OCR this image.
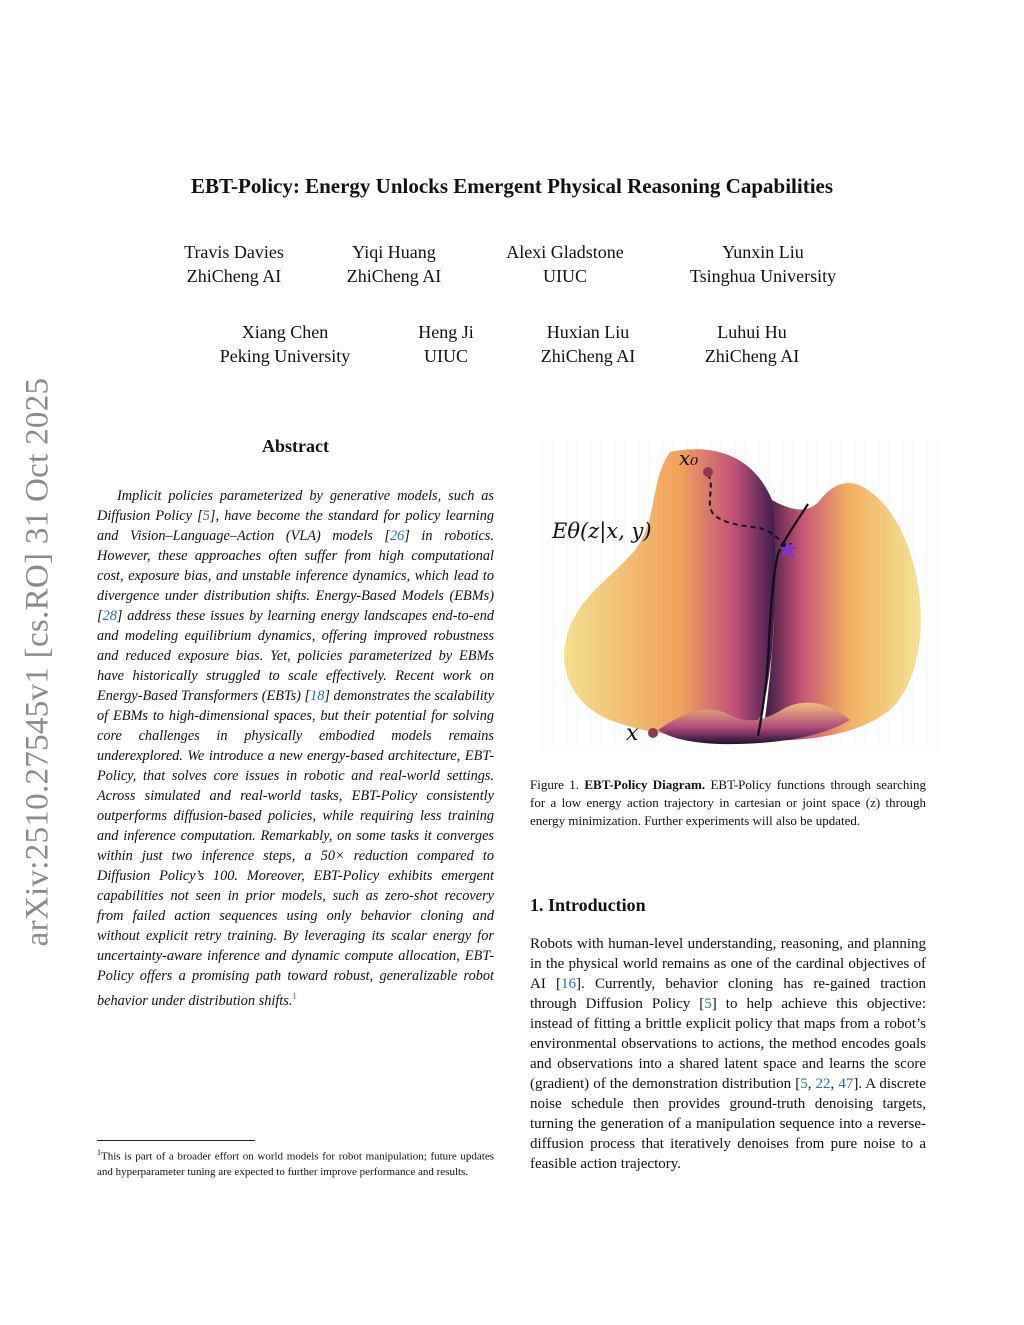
arXiv:2510.27545v1 [cs.RO] 31 Oct 2025
EBT-Policy: Energy Unlocks Emergent Physical Reasoning Capabilities
Travis Davies
ZhiCheng AI
Yiqi Huang
ZhiCheng AI
Alexi Gladstone
UIUC
Yunxin Liu
Tsinghua University
Xiang Chen
Peking University
Heng Ji
UIUC
Huxian Liu
ZhiCheng AI
Luhui Hu
ZhiCheng AI
Abstract

Implicit policies parameterized by generative models, such as Diffusion Policy [5], have become the standard for policy learning and Vision–Language–Action (VLA) models [26] in robotics. However, these approaches often suffer from high computational cost, exposure bias, and unstable inference dynamics, which lead to divergence under distribution shifts. Energy-Based Models (EBMs) [28] address these issues by learning energy landscapes end-to-end and modeling equilibrium dynamics, offering improved robustness and reduced exposure bias. Yet, policies parameterized by EBMs have historically struggled to scale effectively. Recent work on Energy-Based Transformers (EBTs) [18] demonstrates the scalability of EBMs to high-dimensional spaces, but their potential for solving core challenges in physically embodied models remains underexplored. We introduce a new energy-based architecture, EBT-Policy, that solves core issues in robotic and real-world settings. Across simulated and real-world tasks, EBT-Policy consistently outperforms diffusion-based policies, while requiring less training and inference computation. Remarkably, on some tasks it converges within just two inference steps, a 50× reduction compared to Diffusion Policy’s 100. Moreover, EBT-Policy exhibits emergent capabilities not seen in prior models, such as zero-shot recovery from failed action sequences using only behavior cloning and without explicit retry training. By leveraging its scalar energy for uncertainty-aware inference and dynamic compute allocation, EBT-Policy offers a promising path toward robust, generalizable robot behavior under distribution shifts.$^1$

$^1$This is part of a broader effort on world models for robot manipulation; future updates and hyperparameter tuning are expected to further improve performance and results.
x₀
Eθ(z|x, y)
x
Figure 1. EBT-Policy Diagram. EBT-Policy functions through searching for a low energy action trajectory in cartesian or joint space (z) through energy minimization. Further experiments will also be updated.
1. Introduction

Robots with human-level understanding, reasoning, and planning in the physical world remains as one of the cardinal objectives of AI [16]. Currently, behavior cloning has re-gained traction through Diffusion Policy [5] to help achieve this objective: instead of fitting a brittle explicit policy that maps from a robot’s environmental observations to actions, the method encodes goals and observations into a shared latent space and learns the score (gradient) of the demonstration distribution [5, 22, 47]. A discrete noise schedule then provides ground-truth denoising targets, turning the generation of a manipulation sequence into a reverse-diffusion process that iteratively denoises from pure noise to a feasible action trajectory.
